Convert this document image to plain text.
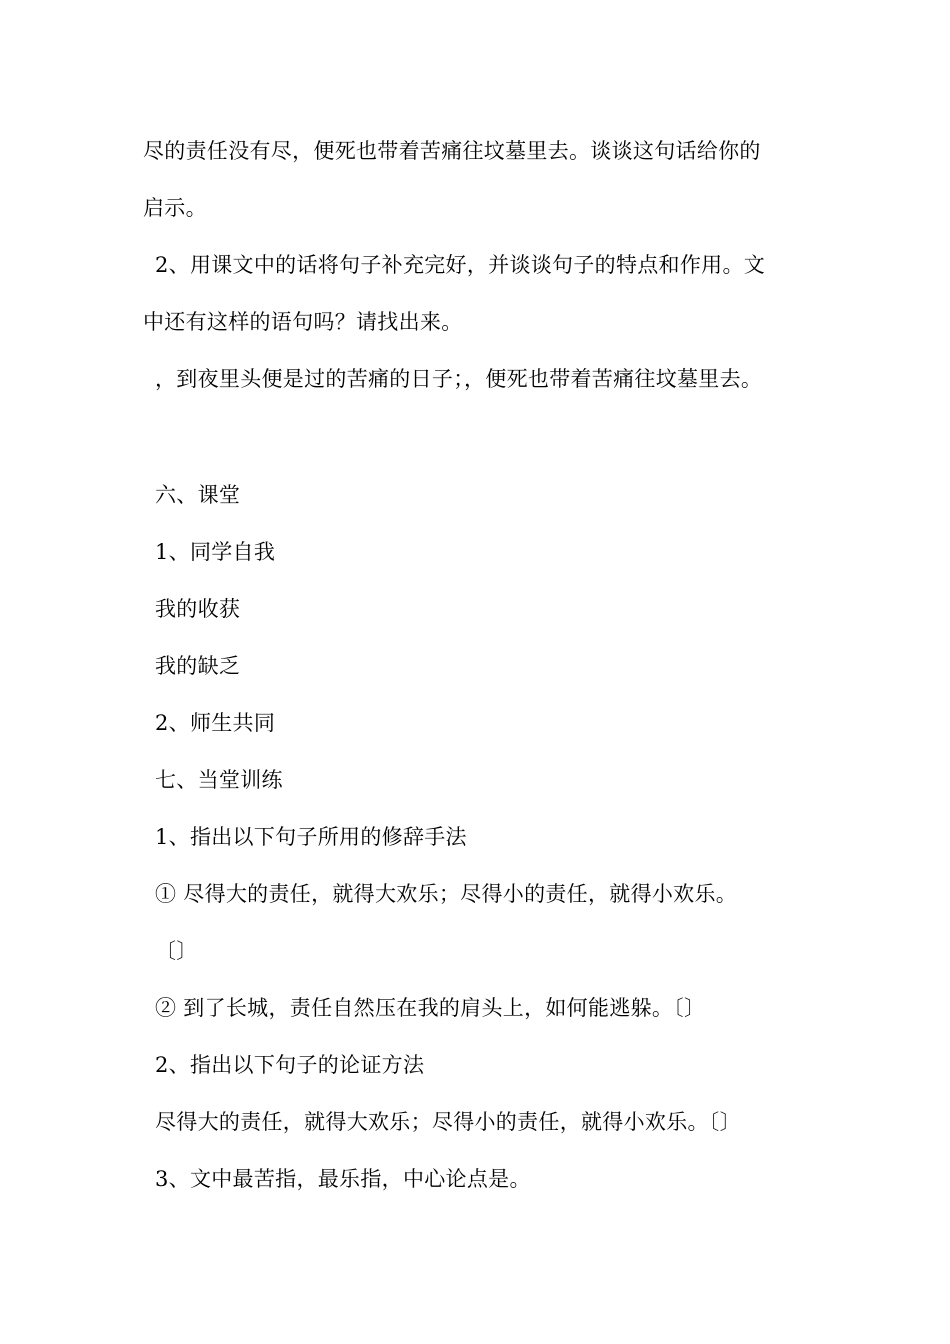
尽的责任没有尽，便死也带着苦痛往坟墓里去。谈谈这句话给你的
启示。
2、用课文中的话将句子补充完好，并谈谈句子的特点和作用。文
中还有这样的语句吗？请找出来。
，到夜里头便是过的苦痛的日子；，便死也带着苦痛往坟墓里去。
六、课堂
1、同学自我
我的收获
我的缺乏
2、师生共同
七、当堂训练
1、指出以下句子所用的修辞手法
① 尽得大的责任，就得大欢乐；尽得小的责任，就得小欢乐。
〔〕
② 到了长城，责任自然压在我的肩头上，如何能逃躲。〔〕
2、指出以下句子的论证方法
尽得大的责任，就得大欢乐；尽得小的责任，就得小欢乐。〔〕
3、文中最苦指，最乐指，中心论点是。
